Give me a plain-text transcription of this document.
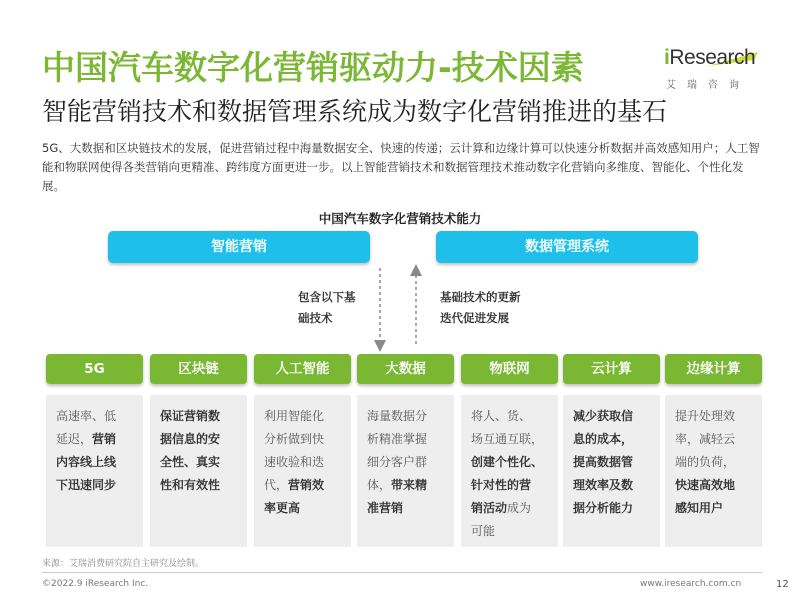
中国汽车数字化营销驱动力-技术因素	iResearch
艾瑞咨询
智能营销技术和数据管理系统成为数字化营销推进的基石
5G、大数据和区块链技术的发展，促进营销过程中海量数据安全、快速的传递；云计算和边缘计算可以快速分析数据并高效感知用户；人工智能和物联网使得各类营销向更精准、跨纬度方面更进一步。以上智能营销技术和数据管理技术推动数字化营销向多维度、智能化、个性化发展。
中国汽车数字化营销技术能力
智能营销	数据管理系统
包含以下基
础技术
基础技术的更新
迭代促进发展
5G
高速率、低
延迟，营销
内容线上线
下迅速同步
区块链
保证营销数
据信息的安
全性、真实
性和有效性
人工智能
利用智能化
分析做到快
速收验和迭
代，营销效
率更高
大数据
海量数据分
析精准掌握
细分客户群
体，带来精
准营销
物联网
将人、货、
场互通互联，
创建个性化、
针对性的营
销活动成为
可能
云计算
减少获取信
息的成本，
提高数据管
理效率及数
据分析能力
边缘计算
提升处理效
率，减轻云
端的负荷，
快速高效地
感知用户
来源：艾瑞消费研究院自主研究及绘制。
©2022.9 iResearch Inc.	www.iresearch.com.cn	12
